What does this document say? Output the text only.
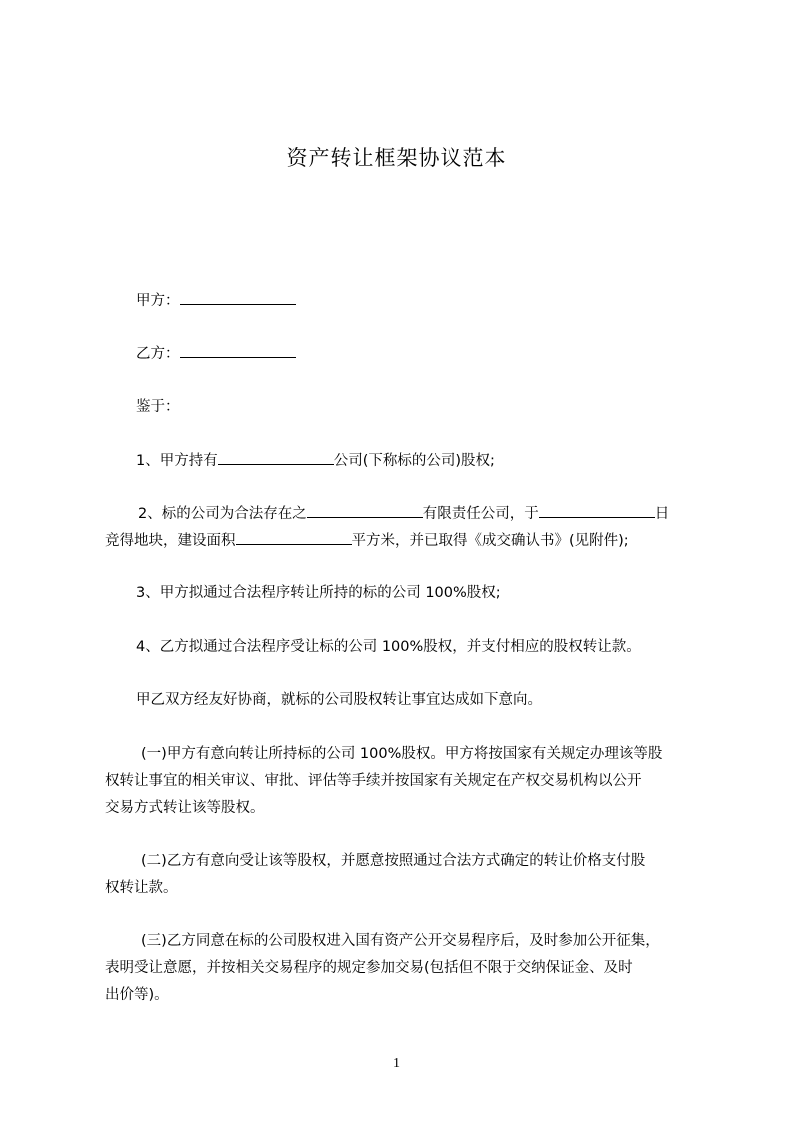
资产转让框架协议范本
甲方：
乙方：
鉴于：
1、甲方持有	公司(下称标的公司)股权;
2、标的公司为合法存在之	有限责任公司，于	日
竞得地块，建设面积	平方米，并已取得《成交确认书》(见附件);
3、甲方拟通过合法程序转让所持的标的公司 100%股权;
4、乙方拟通过合法程序受让标的公司 100%股权，并支付相应的股权转让款。
甲乙双方经友好协商，就标的公司股权转让事宜达成如下意向。
(一)甲方有意向转让所持标的公司 100%股权。甲方将按国家有关规定办理该等股
权转让事宜的相关审议、审批、评估等手续并按国家有关规定在产权交易机构以公开
交易方式转让该等股权。
(二)乙方有意向受让该等股权，并愿意按照通过合法方式确定的转让价格支付股
权转让款。
(三)乙方同意在标的公司股权进入国有资产公开交易程序后，及时参加公开征集，
表明受让意愿，并按相关交易程序的规定参加交易(包括但不限于交纳保证金、及时
出价等)。
1
